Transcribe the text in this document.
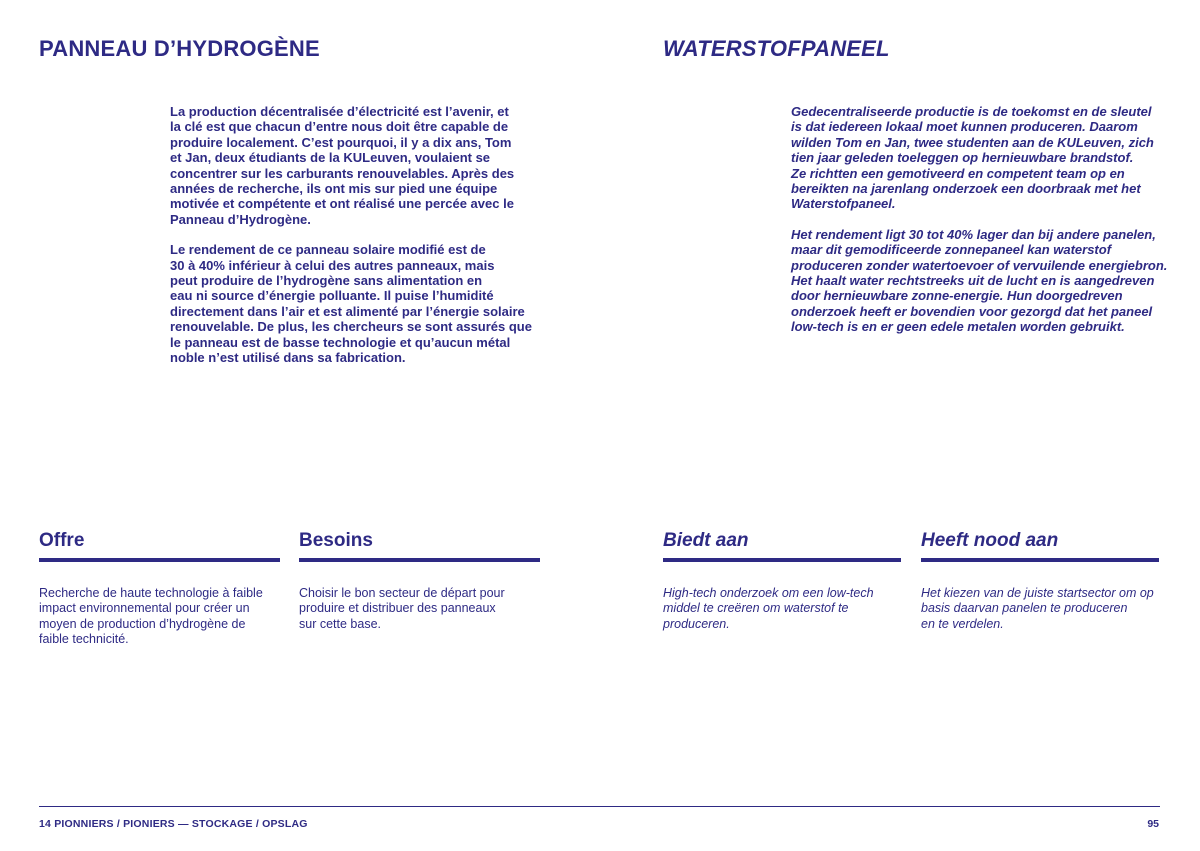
PANNEAU D’HYDROGÈNE	WATERSTOFPANEEL

La production décentralisée d’électricité est l’avenir, et
la clé est que chacun d’entre nous doit être capable de
produire localement. C’est pourquoi, il y a dix ans, Tom
et Jan, deux étudiants de la KULeuven, voulaient se
concentrer sur les carburants renouvelables. Après des
années de recherche, ils ont mis sur pied une équipe
motivée et compétente et ont réalisé une percée avec le
Panneau d’Hydrogène.

Le rendement de ce panneau solaire modifié est de
30 à 40% inférieur à celui des autres panneaux, mais
peut produire de l’hydrogène sans alimentation en
eau ni source d’énergie polluante. Il puise l’humidité
directement dans l’air et est alimenté par l’énergie solaire
renouvelable. De plus, les chercheurs se sont assurés que
le panneau est de basse technologie et qu’aucun métal
noble n’est utilisé dans sa fabrication.

Gedecentraliseerde productie is de toekomst en de sleutel
is dat iedereen lokaal moet kunnen produceren. Daarom
wilden Tom en Jan, twee studenten aan de KULeuven, zich
tien jaar geleden toeleggen op hernieuwbare brandstof.
Ze richtten een gemotiveerd en competent team op en
bereikten na jarenlang onderzoek een doorbraak met het
Waterstofpaneel.

Het rendement ligt 30 tot 40% lager dan bij andere panelen,
maar dit gemodificeerde zonnepaneel kan waterstof
produceren zonder watertoevoer of vervuilende energiebron.
Het haalt water rechtstreeks uit de lucht en is aangedreven
door hernieuwbare zonne-energie. Hun doorgedreven
onderzoek heeft er bovendien voor gezorgd dat het paneel
low-tech is en er geen edele metalen worden gebruikt.

Offre

Recherche de haute technologie à faible
impact environnemental pour créer un
moyen de production d’hydrogène de
faible technicité.

Besoins

Choisir le bon secteur de départ pour
produire et distribuer des panneaux
sur cette base.

Biedt aan

High-tech onderzoek om een low-tech
middel te creëren om waterstof te
produceren.

Heeft nood aan

Het kiezen van de juiste startsector om op
basis daarvan panelen te produceren
en te verdelen.

14 PIONNIERS / PIONIERS — STOCKAGE / OPSLAG	95
